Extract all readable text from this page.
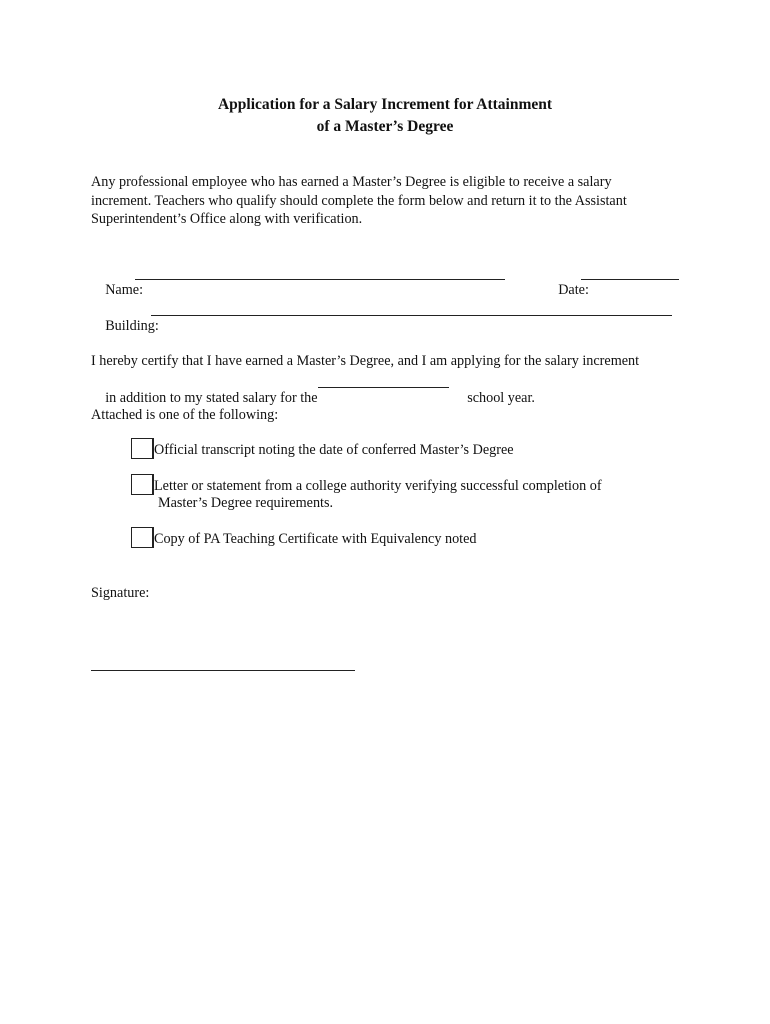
Application for a Salary Increment for Attainment
of a Master’s Degree
Any professional employee who has earned a Master’s Degree is eligible to receive a salary
increment. Teachers who qualify should complete the form below and return it to the Assistant
Superintendent’s Office along with verification.

Name:
	Date:

Building:

I hereby certify that I have earned a Master’s Degree, and I am applying for the salary increment

in addition to my stated salary for the
	school year.

Attached is one of the following:
Official transcript noting the date of conferred Master’s Degree
Letter or statement from a college authority verifying successful completion of
Master’s Degree requirements.
Copy of PA Teaching Certificate with Equivalency noted
Signature:
